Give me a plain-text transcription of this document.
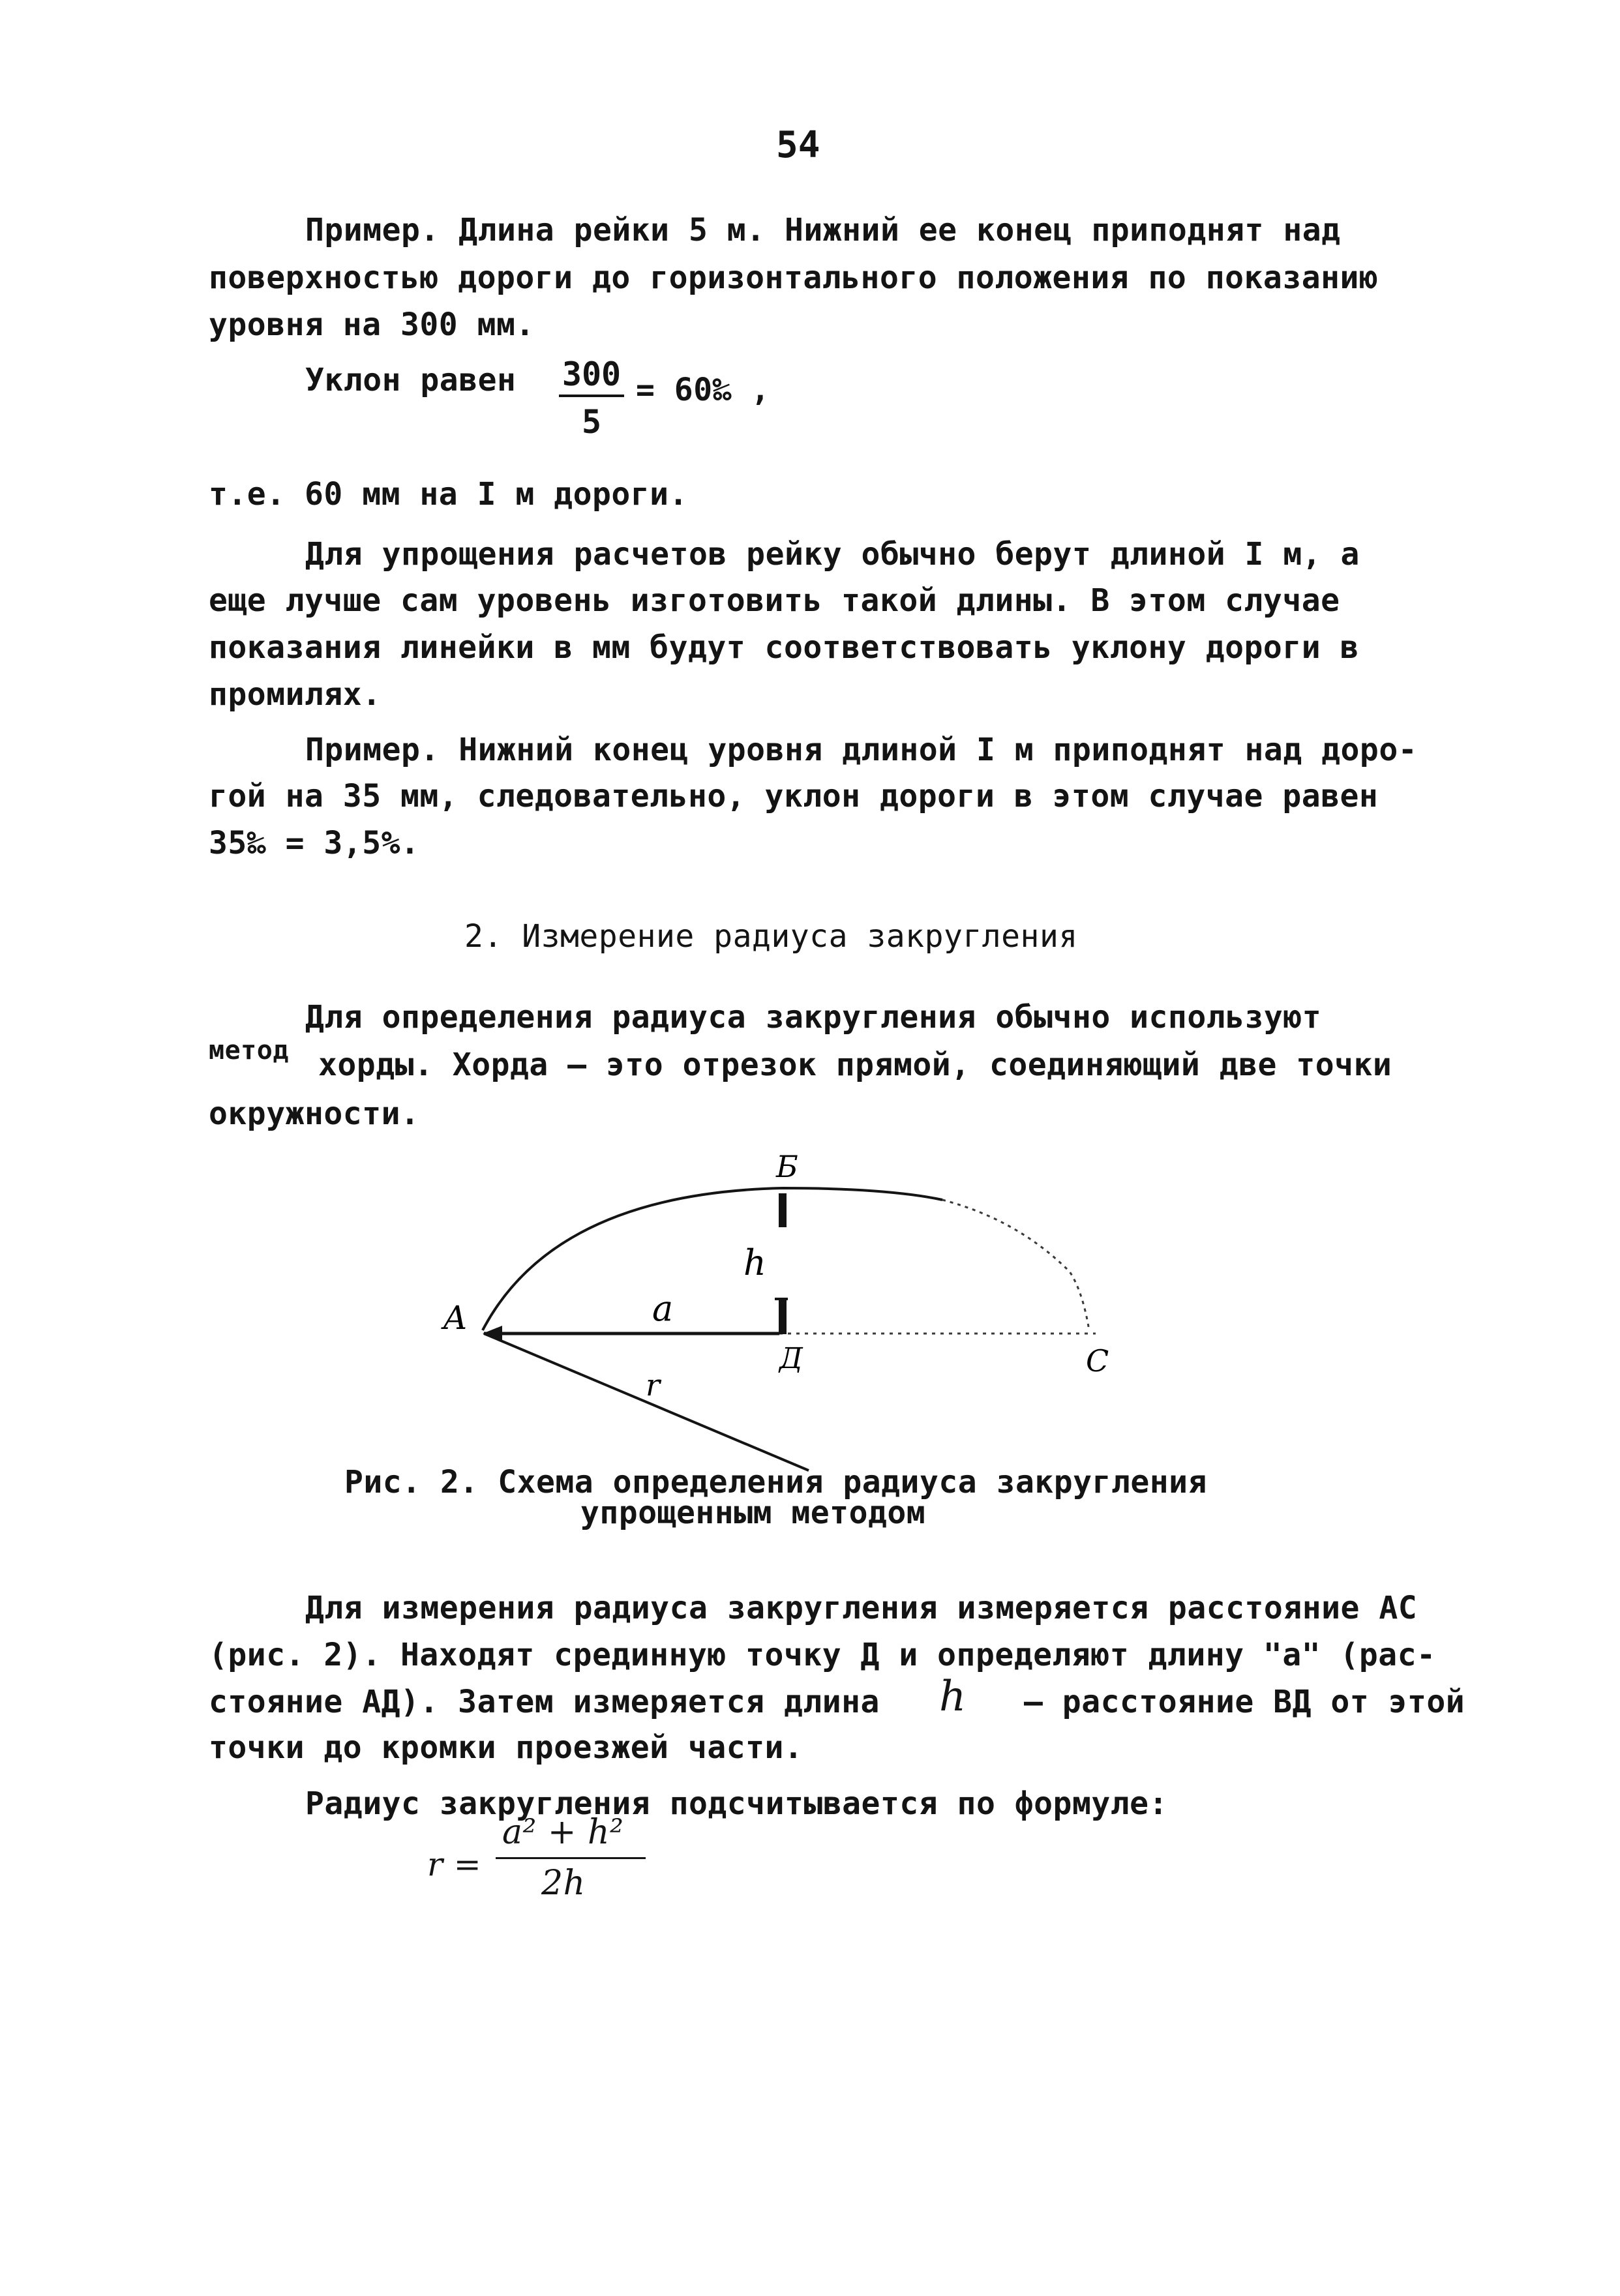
54
Пример. Длина рейки 5 м. Нижний ее конец приподнят над
поверхностью дороги до горизонтального положения по показанию
уровня на 300 мм.
Уклон равен 300
5
= 60‰ ,
т.е. 60 мм на I м дороги.
Для упрощения расчетов рейку обычно берут длиной I м, а
еще лучше сам уровень изготовить такой длины. В этом случае
показания линейки в мм будут соответствовать уклону дороги в
промилях.
Пример. Нижний конец уровня длиной I м приподнят над доро-
гой на 35 мм, следовательно, уклон дороги в этом случае равен
35‰ = 3,5%.
2. Измерение радиуса закругления
Для определения радиуса закругления обычно используют
метод хорды. Хорда – это отрезок прямой, соединяющий две точки
окружности.
Б
h
A	a
Д	C
r
Рис. 2. Схема определения радиуса закругления
упрощенным методом
Для измерения радиуса закругления измеряется расстояние АС
(рис. 2). Находят срединную точку Д и определяют длину "а" (рас-
стояние АД). Затем измеряется длина h – расстояние ВД от этой
точки до кромки проезжей части.
Радиус закругления подсчитывается по формуле:
r =
a² + h²
2h
